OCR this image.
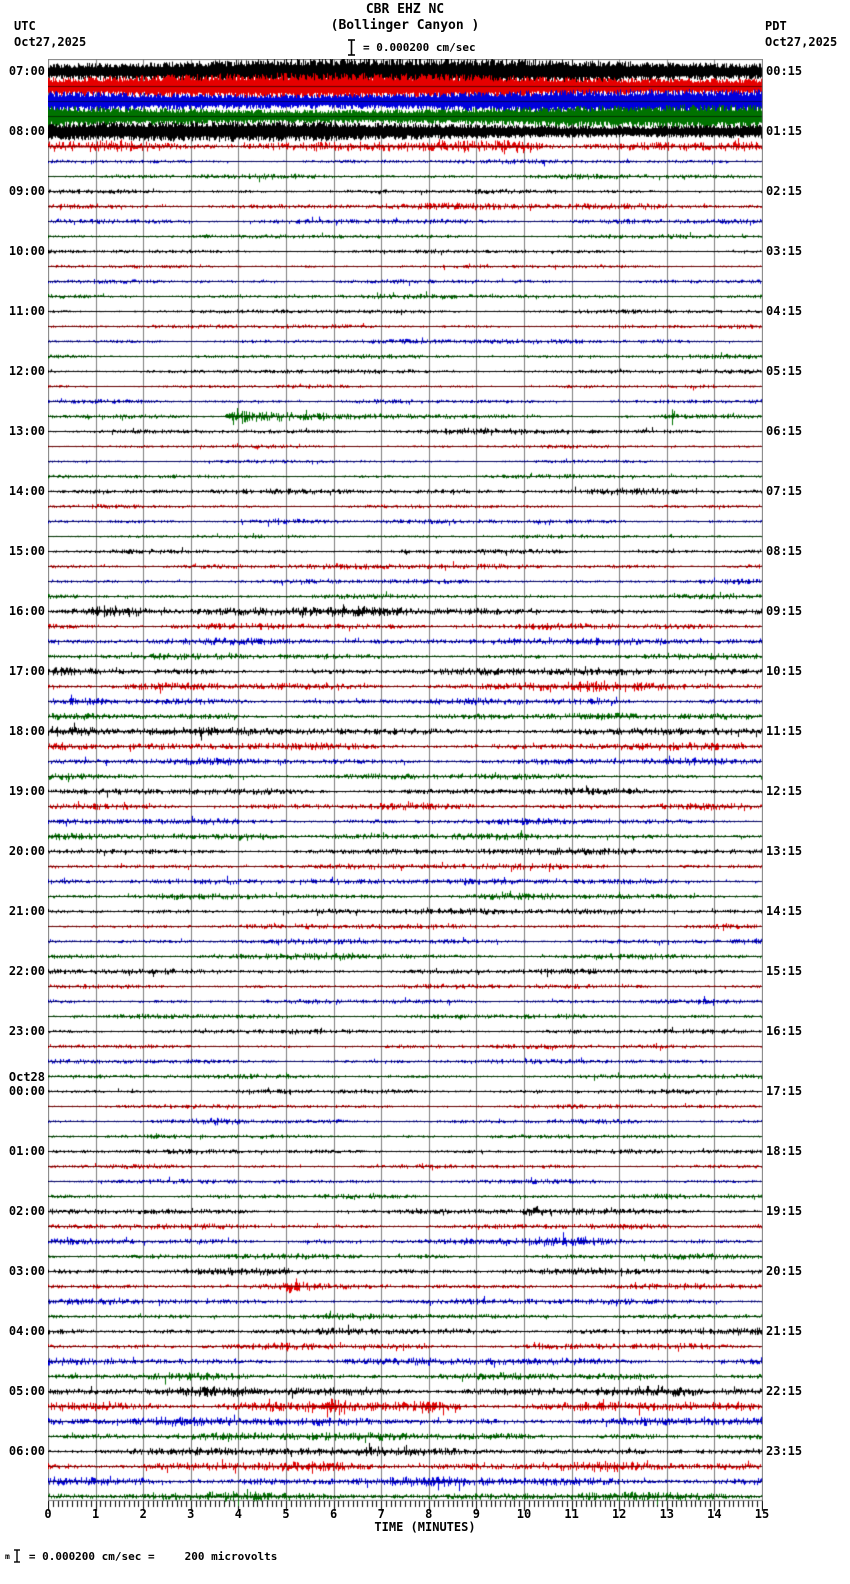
CBR EHZ NC
(Bollinger Canyon )
UTC
Oct27,2025
PDT
Oct27,2025
= 0.000200 cm/sec
07:00
08:00
09:00
10:00
11:00
12:00
13:00
14:00
15:00
16:00
17:00
18:00
19:00
20:00
21:00
22:00
23:00
00:00
Oct28
01:00
02:00
03:00
04:00
05:00
06:00
00:15
01:15
02:15
03:15
04:15
05:15
06:15
07:15
08:15
09:15
10:15
11:15
12:15
13:15
14:15
15:15
16:15
17:15
18:15
19:15
20:15
21:15
22:15
23:15
0	1	2	3	4	5	6	7	8	9	10	11	12	13	14	15
TIME (MINUTES)
m = 0.000200 cm/sec =	200 microvolts
